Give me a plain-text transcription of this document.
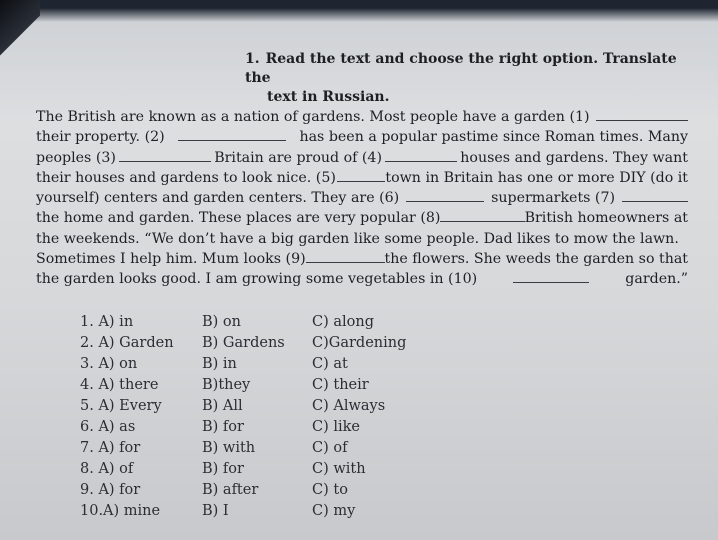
1. Read the text and choose the right option. Translate the
text in Russian.
The British are known as a nation of gardens. Most people have a garden (1)
their property. (2)	has been a popular pastime since Roman times. Many
peoples (3)	Britain are proud of (4)	houses and gardens. They want
their houses and gardens to look nice. (5)	town in Britain has one or more DIY (do it
yourself) centers and garden centers. They are (6)	supermarkets (7)
the home and garden. These places are very popular (8)	British homeowners at
the weekends. “We don’t have a big garden like some people. Dad likes to mow the lawn.
Sometimes I help him. Mum looks (9)	the flowers. She weeds the garden so that
the garden looks good. I am growing some vegetables in (10)	garden.”
1. A) in	B) on	C) along
2. A) Garden	B) Gardens	C)Gardening
3. A) on	B) in	C) at
4. A) there	B)they	C) their
5. A) Every	B) All	C) Always
6. A) as	B) for	C) like
7. A) for	B) with	C) of
8. A) of	B) for	C) with
9. A) for	B) after	C) to
10.A) mine	B) I	C) my
